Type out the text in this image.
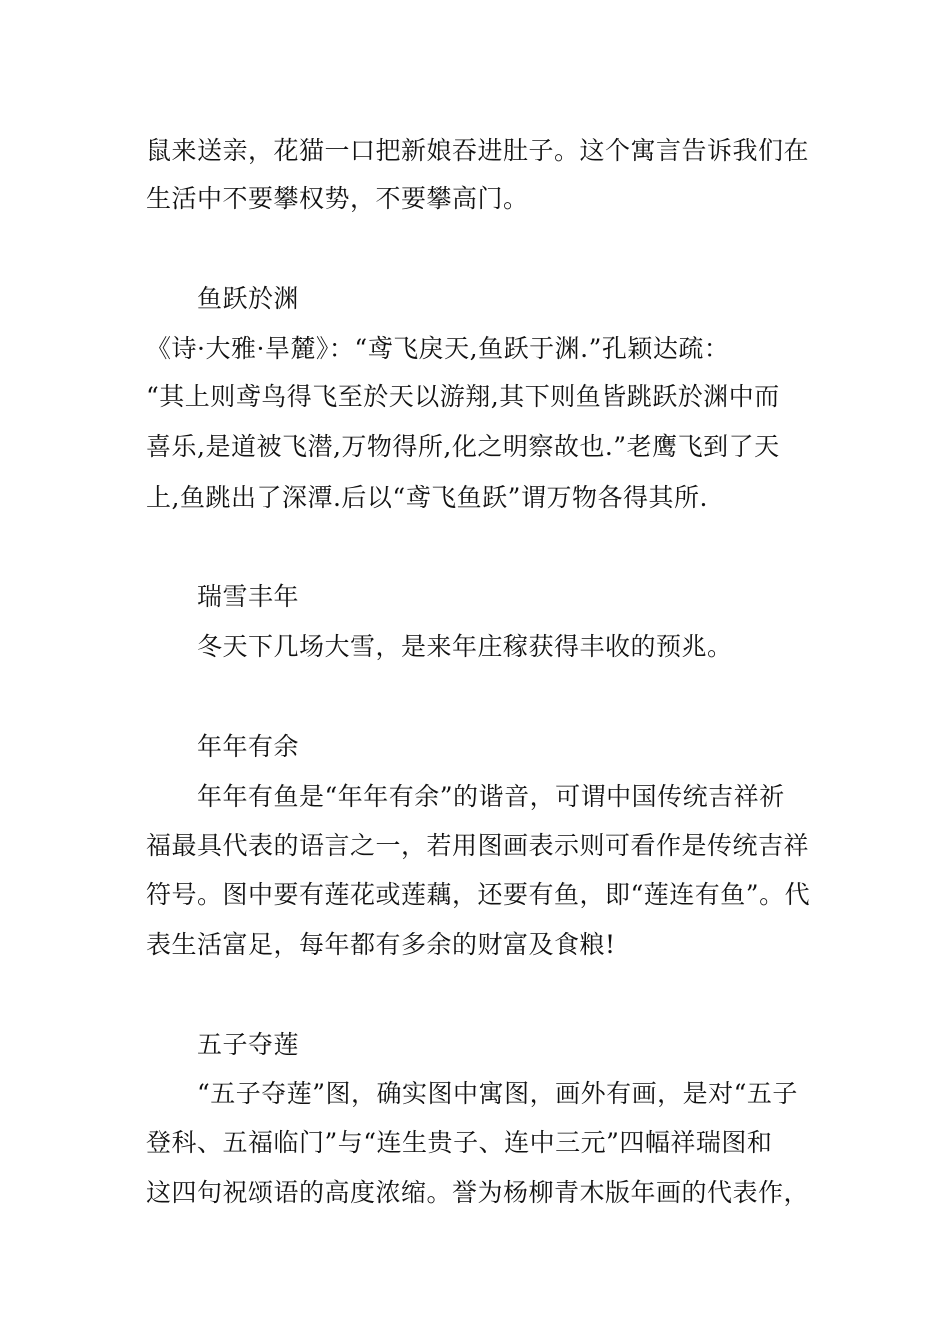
鼠来送亲，花猫一口把新娘吞进肚子。这个寓言告诉我们在
生活中不要攀权势，不要攀高门。
鱼跃於渊
《诗·大雅·旱麓》：“鸢飞戾天,鱼跃于渊.”孔颖达疏：
“其上则鸢鸟得飞至於天以游翔,其下则鱼皆跳跃於渊中而
喜乐,是道被飞潜,万物得所,化之明察故也.”老鹰飞到了天
上,鱼跳出了深潭.后以“鸢飞鱼跃”谓万物各得其所.
瑞雪丰年
冬天下几场大雪，是来年庄稼获得丰收的预兆。
年年有余
年年有鱼是“年年有余”的谐音，可谓中国传统吉祥祈
福最具代表的语言之一，若用图画表示则可看作是传统吉祥
符号。图中要有莲花或莲藕，还要有鱼，即“莲连有鱼”。代
表生活富足，每年都有多余的财富及食粮!
五子夺莲
“五子夺莲”图，确实图中寓图，画外有画，是对“五子
登科、五福临门”与“连生贵子、连中三元”四幅祥瑞图和
这四句祝颂语的高度浓缩。誉为杨柳青木版年画的代表作，
